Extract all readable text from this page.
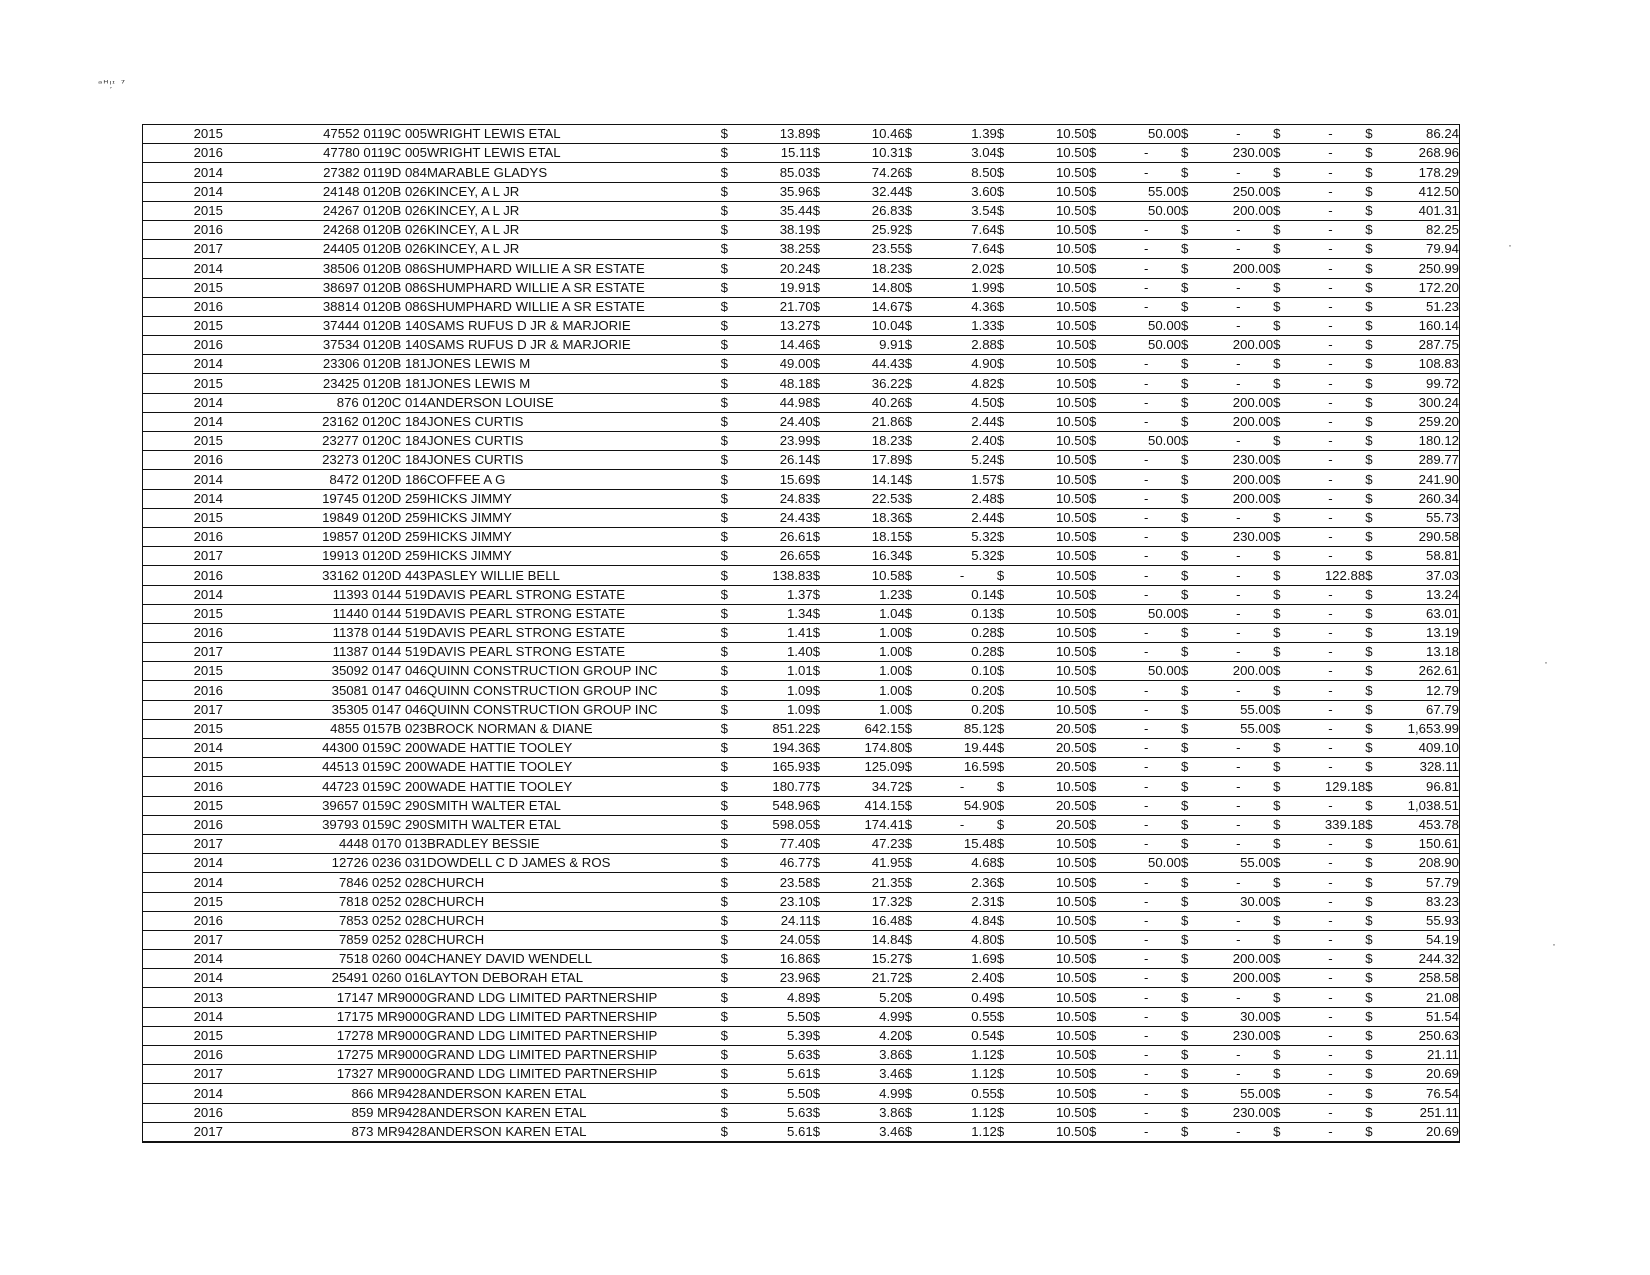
ᵃᴴᶦ᷊ᶦ ⁷
·
·
·
2015	47552 0119C 005	WRIGHT LEWIS ETAL	$	13.89	$	10.46	$	1.39	$	10.50	$	50.00	$	-	$	-	$	86.24
2016	47780 0119C 005	WRIGHT LEWIS ETAL	$	15.11	$	10.31	$	3.04	$	10.50	$	-	$	230.00	$	-	$	268.96
2014	27382 0119D 084	MARABLE GLADYS	$	85.03	$	74.26	$	8.50	$	10.50	$	-	$	-	$	-	$	178.29
2014	24148 0120B 026	KINCEY, A L JR	$	35.96	$	32.44	$	3.60	$	10.50	$	55.00	$	250.00	$	-	$	412.50
2015	24267 0120B 026	KINCEY, A L JR	$	35.44	$	26.83	$	3.54	$	10.50	$	50.00	$	200.00	$	-	$	401.31
2016	24268 0120B 026	KINCEY, A L JR	$	38.19	$	25.92	$	7.64	$	10.50	$	-	$	-	$	-	$	82.25
2017	24405 0120B 026	KINCEY, A L JR	$	38.25	$	23.55	$	7.64	$	10.50	$	-	$	-	$	-	$	79.94
2014	38506 0120B 086	SHUMPHARD WILLIE A SR ESTATE	$	20.24	$	18.23	$	2.02	$	10.50	$	-	$	200.00	$	-	$	250.99
2015	38697 0120B 086	SHUMPHARD WILLIE A SR ESTATE	$	19.91	$	14.80	$	1.99	$	10.50	$	-	$	-	$	-	$	172.20
2016	38814 0120B 086	SHUMPHARD WILLIE A SR ESTATE	$	21.70	$	14.67	$	4.36	$	10.50	$	-	$	-	$	-	$	51.23
2015	37444 0120B 140	SAMS RUFUS D JR & MARJORIE	$	13.27	$	10.04	$	1.33	$	10.50	$	50.00	$	-	$	-	$	160.14
2016	37534 0120B 140	SAMS RUFUS D JR & MARJORIE	$	14.46	$	9.91	$	2.88	$	10.50	$	50.00	$	200.00	$	-	$	287.75
2014	23306 0120B 181	JONES LEWIS M	$	49.00	$	44.43	$	4.90	$	10.50	$	-	$	-	$	-	$	108.83
2015	23425 0120B 181	JONES LEWIS M	$	48.18	$	36.22	$	4.82	$	10.50	$	-	$	-	$	-	$	99.72
2014	876 0120C 014	ANDERSON LOUISE	$	44.98	$	40.26	$	4.50	$	10.50	$	-	$	200.00	$	-	$	300.24
2014	23162 0120C 184	JONES CURTIS	$	24.40	$	21.86	$	2.44	$	10.50	$	-	$	200.00	$	-	$	259.20
2015	23277 0120C 184	JONES CURTIS	$	23.99	$	18.23	$	2.40	$	10.50	$	50.00	$	-	$	-	$	180.12
2016	23273 0120C 184	JONES CURTIS	$	26.14	$	17.89	$	5.24	$	10.50	$	-	$	230.00	$	-	$	289.77
2014	8472 0120D 186	COFFEE A G	$	15.69	$	14.14	$	1.57	$	10.50	$	-	$	200.00	$	-	$	241.90
2014	19745 0120D 259	HICKS JIMMY	$	24.83	$	22.53	$	2.48	$	10.50	$	-	$	200.00	$	-	$	260.34
2015	19849 0120D 259	HICKS JIMMY	$	24.43	$	18.36	$	2.44	$	10.50	$	-	$	-	$	-	$	55.73
2016	19857 0120D 259	HICKS JIMMY	$	26.61	$	18.15	$	5.32	$	10.50	$	-	$	230.00	$	-	$	290.58
2017	19913 0120D 259	HICKS JIMMY	$	26.65	$	16.34	$	5.32	$	10.50	$	-	$	-	$	-	$	58.81
2016	33162 0120D 443	PASLEY WILLIE BELL	$	138.83	$	10.58	$	-	$	10.50	$	-	$	-	$	122.88	$	37.03
2014	11393 0144 519	DAVIS PEARL STRONG ESTATE	$	1.37	$	1.23	$	0.14	$	10.50	$	-	$	-	$	-	$	13.24
2015	11440 0144 519	DAVIS PEARL STRONG ESTATE	$	1.34	$	1.04	$	0.13	$	10.50	$	50.00	$	-	$	-	$	63.01
2016	11378 0144 519	DAVIS PEARL STRONG ESTATE	$	1.41	$	1.00	$	0.28	$	10.50	$	-	$	-	$	-	$	13.19
2017	11387 0144 519	DAVIS PEARL STRONG ESTATE	$	1.40	$	1.00	$	0.28	$	10.50	$	-	$	-	$	-	$	13.18
2015	35092 0147 046	QUINN CONSTRUCTION GROUP INC	$	1.01	$	1.00	$	0.10	$	10.50	$	50.00	$	200.00	$	-	$	262.61
2016	35081 0147 046	QUINN CONSTRUCTION GROUP INC	$	1.09	$	1.00	$	0.20	$	10.50	$	-	$	-	$	-	$	12.79
2017	35305 0147 046	QUINN CONSTRUCTION GROUP INC	$	1.09	$	1.00	$	0.20	$	10.50	$	-	$	55.00	$	-	$	67.79
2015	4855 0157B 023	BROCK NORMAN & DIANE	$	851.22	$	642.15	$	85.12	$	20.50	$	-	$	55.00	$	-	$	1,653.99
2014	44300 0159C 200	WADE HATTIE TOOLEY	$	194.36	$	174.80	$	19.44	$	20.50	$	-	$	-	$	-	$	409.10
2015	44513 0159C 200	WADE HATTIE TOOLEY	$	165.93	$	125.09	$	16.59	$	20.50	$	-	$	-	$	-	$	328.11
2016	44723 0159C 200	WADE HATTIE TOOLEY	$	180.77	$	34.72	$	-	$	10.50	$	-	$	-	$	129.18	$	96.81
2015	39657 0159C 290	SMITH WALTER ETAL	$	548.96	$	414.15	$	54.90	$	20.50	$	-	$	-	$	-	$	1,038.51
2016	39793 0159C 290	SMITH WALTER ETAL	$	598.05	$	174.41	$	-	$	20.50	$	-	$	-	$	339.18	$	453.78
2017	4448 0170 013	BRADLEY BESSIE	$	77.40	$	47.23	$	15.48	$	10.50	$	-	$	-	$	-	$	150.61
2014	12726 0236 031	DOWDELL C D JAMES & ROS	$	46.77	$	41.95	$	4.68	$	10.50	$	50.00	$	55.00	$	-	$	208.90
2014	7846 0252 028	CHURCH	$	23.58	$	21.35	$	2.36	$	10.50	$	-	$	-	$	-	$	57.79
2015	7818 0252 028	CHURCH	$	23.10	$	17.32	$	2.31	$	10.50	$	-	$	30.00	$	-	$	83.23
2016	7853 0252 028	CHURCH	$	24.11	$	16.48	$	4.84	$	10.50	$	-	$	-	$	-	$	55.93
2017	7859 0252 028	CHURCH	$	24.05	$	14.84	$	4.80	$	10.50	$	-	$	-	$	-	$	54.19
2014	7518 0260 004	CHANEY DAVID WENDELL	$	16.86	$	15.27	$	1.69	$	10.50	$	-	$	200.00	$	-	$	244.32
2014	25491 0260 016	LAYTON DEBORAH ETAL	$	23.96	$	21.72	$	2.40	$	10.50	$	-	$	200.00	$	-	$	258.58
2013	17147 MR9000	GRAND LDG LIMITED PARTNERSHIP	$	4.89	$	5.20	$	0.49	$	10.50	$	-	$	-	$	-	$	21.08
2014	17175 MR9000	GRAND LDG LIMITED PARTNERSHIP	$	5.50	$	4.99	$	0.55	$	10.50	$	-	$	30.00	$	-	$	51.54
2015	17278 MR9000	GRAND LDG LIMITED PARTNERSHIP	$	5.39	$	4.20	$	0.54	$	10.50	$	-	$	230.00	$	-	$	250.63
2016	17275 MR9000	GRAND LDG LIMITED PARTNERSHIP	$	5.63	$	3.86	$	1.12	$	10.50	$	-	$	-	$	-	$	21.11
2017	17327 MR9000	GRAND LDG LIMITED PARTNERSHIP	$	5.61	$	3.46	$	1.12	$	10.50	$	-	$	-	$	-	$	20.69
2014	866 MR9428	ANDERSON KAREN ETAL	$	5.50	$	4.99	$	0.55	$	10.50	$	-	$	55.00	$	-	$	76.54
2016	859 MR9428	ANDERSON KAREN ETAL	$	5.63	$	3.86	$	1.12	$	10.50	$	-	$	230.00	$	-	$	251.11
2017	873 MR9428	ANDERSON KAREN ETAL	$	5.61	$	3.46	$	1.12	$	10.50	$	-	$	-	$	-	$	20.69
